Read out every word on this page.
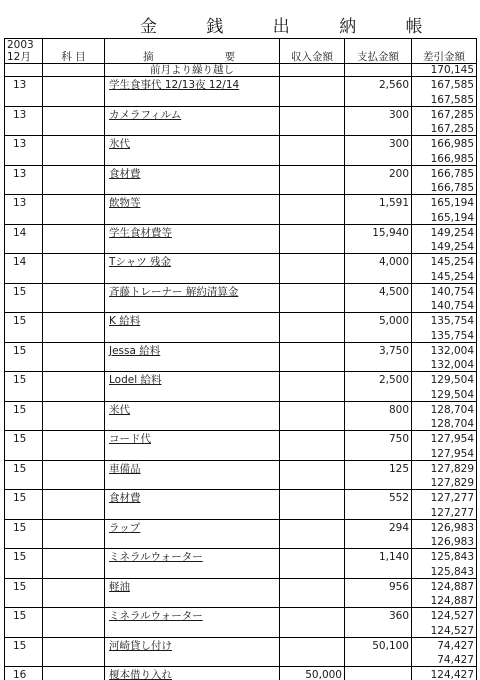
金 銭 出 納 帳
2003					
12月	科 目	摘 要	収入金額	支払金額	差引金額
		前月より繰り越し			170,145
13		学生食事代 12/13夜 12/14		2,560	167,585
					167,585
13		カメラフィルム		300	167,285
					167,285
13		氷代		300	166,985
					166,985
13		食材費		200	166,785
					166,785
13		飲物等		1,591	165,194
					165,194
14		学生食材費等		15,940	149,254
					149,254
14		Tシャツ 残金		4,000	145,254
					145,254
15		斉藤トレーナー 解約清算金		4,500	140,754
					140,754
15		K 給料		5,000	135,754
					135,754
15		Jessa 給料		3,750	132,004
					132,004
15		Lodel 給料		2,500	129,504
					129,504
15		米代		800	128,704
					128,704
15		コード代		750	127,954
					127,954
15		車備品		125	127,829
					127,829
15		食材費		552	127,277
					127,277
15		ラップ		294	126,983
					126,983
15		ミネラルウォーター		1,140	125,843
					125,843
15		軽油		956	124,887
					124,887
15		ミネラルウォーター		360	124,527
					124,527
15		河崎貸し付け		50,100	74,427
					74,427
16		榎本借り入れ	50,000		124,427
